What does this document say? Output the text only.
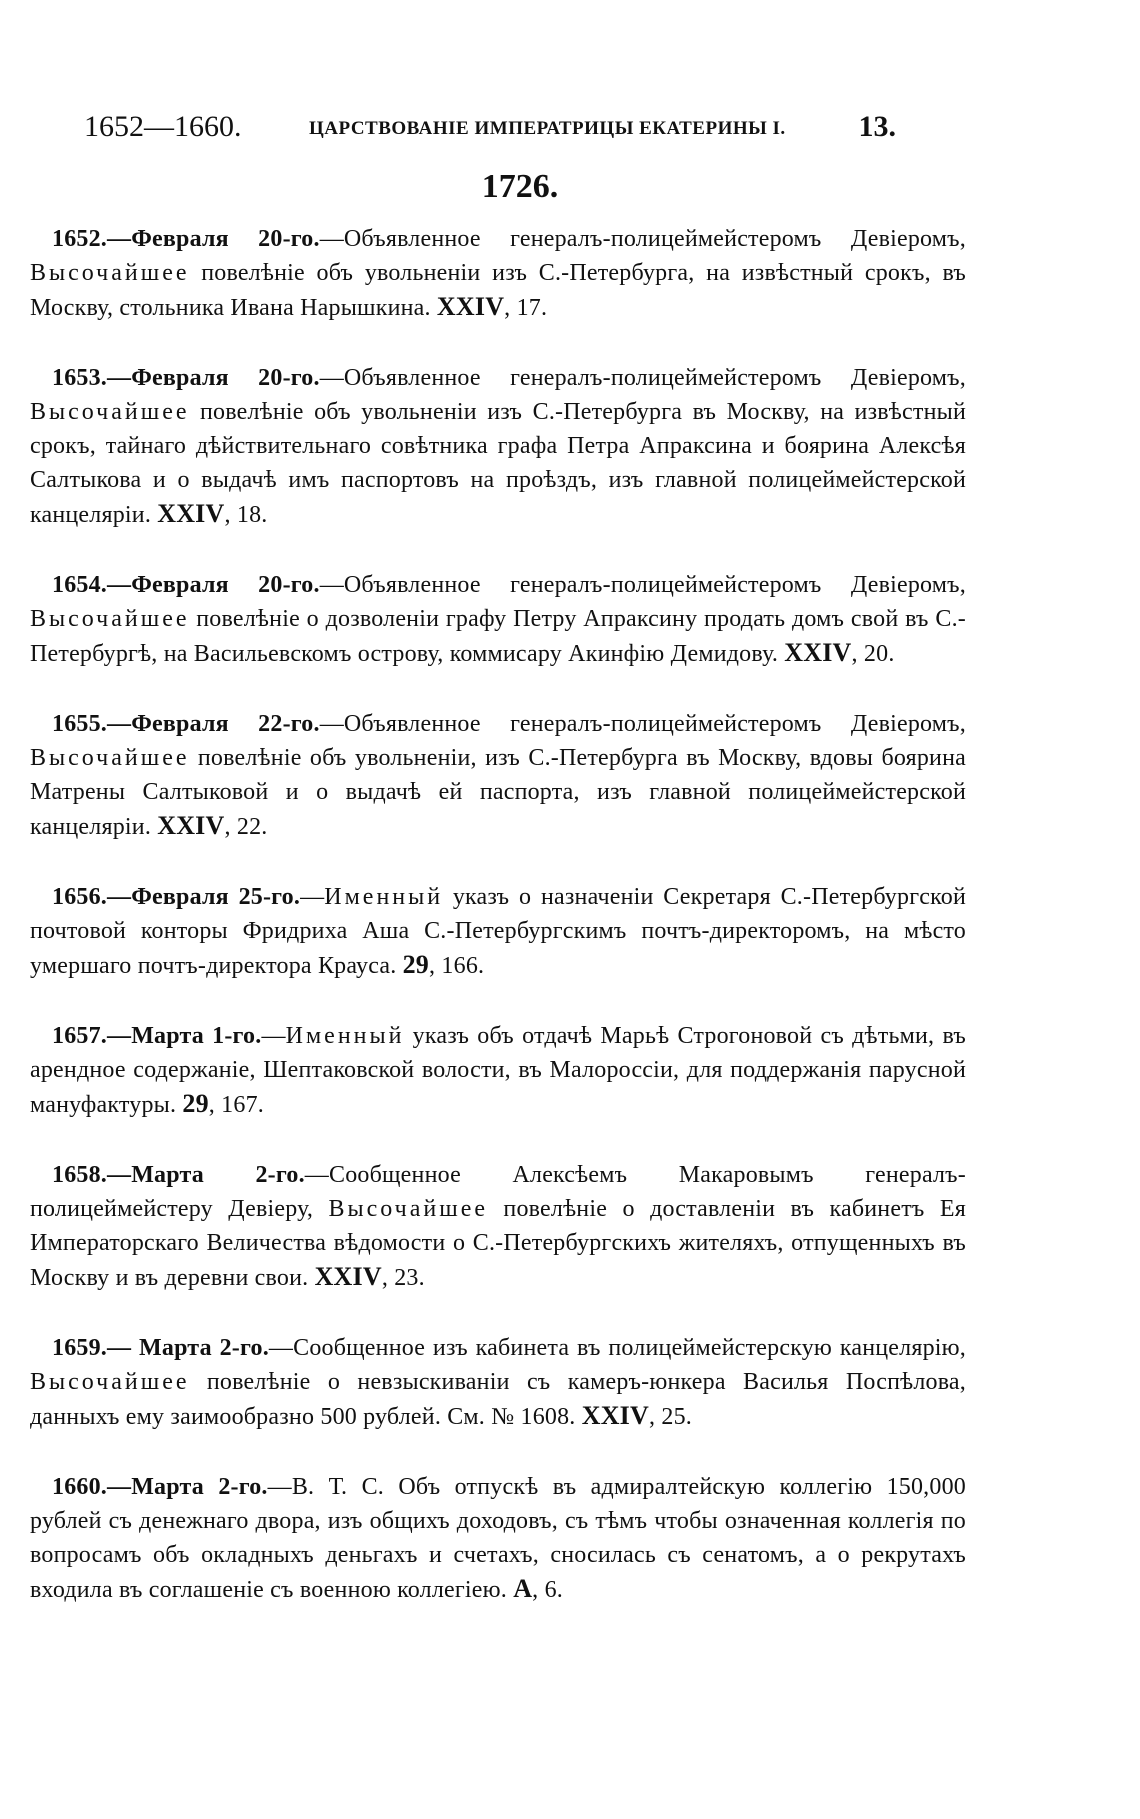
1652—1660.	ЦАРСТВОВАНІЕ ИМПЕРАТРИЦЫ ЕКАТЕРИНЫ I. 13.
1726.

1652.—Февраля 20-го.—Объявленное генералъ-полицеймейстеромъ Девіеромъ, Высочайшее повелѣніе объ увольненіи изъ С.-Петербурга, на извѣстный срокъ, въ Москву, стольника Ивана Нарышкина. XXIV, 17.

1653.—Февраля 20-го.—Объявленное генералъ-полицеймейстеромъ Девіеромъ, Высочайшее повелѣніе объ увольненіи изъ С.-Петербурга въ Москву, на извѣстный срокъ, тайнаго дѣйствительнаго совѣтника графа Петра Апраксина и боярина Алексѣя Салтыкова и о выдачѣ имъ паспортовъ на проѣздъ, изъ главной полицеймейстерской канцеляріи. XXIV, 18.

1654.—Февраля 20-го.—Объявленное генералъ-полицеймейстеромъ Девіеромъ, Высочайшее повелѣніе о дозволеніи графу Петру Апраксину продать домъ свой въ С.-Петербургѣ, на Васильевскомъ острову, коммисару Акинфію Демидову. XXIV, 20.

1655.—Февраля 22-го.—Объявленное генералъ-полицеймейстеромъ Девіеромъ, Высочайшее повелѣніе объ увольненіи, изъ С.-Петербурга въ Москву, вдовы боярина Матрены Салтыковой и о выдачѣ ей паспорта, изъ главной полицеймейстерской канцеляріи. XXIV, 22.

1656.—Февраля 25-го.—Именный указъ о назначеніи Секретаря С.-Петербургской почтовой конторы Фридриха Аша С.-Петербургскимъ почтъ-директоромъ, на мѣсто умершаго почтъ-директора Крауса. 29, 166.

1657.—Марта 1-го.—Именный указъ объ отдачѣ Марьѣ Строгоновой съ дѣтьми, въ арендное содержаніе, Шептаковской волости, въ Малороссіи, для поддержанія парусной мануфактуры. 29, 167.

1658.—Марта 2-го.—Сообщенное Алексѣемъ Макаровымъ генералъ-полицеймейстеру Девіеру, Высочайшее повелѣніе о доставленіи въ кабинетъ Ея Императорскаго Величества вѣдомости о С.-Петербургскихъ жителяхъ, отпущенныхъ въ Москву и въ деревни свои. XXIV, 23.

1659.— Марта 2-го.—Сообщенное изъ кабинета въ полицеймейстерскую канцелярію, Высочайшее повелѣніе о невзыскиваніи съ камеръ-юнкера Василья Поспѣлова, данныхъ ему заимообразно 500 рублей. См. № 1608. XXIV, 25.

1660.—Марта 2-го.—В. Т. С. Объ отпускѣ въ адмиралтейскую коллегію 150,000 рублей съ денежнаго двора, изъ общихъ доходовъ, съ тѣмъ чтобы означенная коллегія по вопросамъ объ окладныхъ деньгахъ и счетахъ, сносилась съ сенатомъ, а о рекрутахъ входила въ соглашеніе съ военною коллегіею. A, 6.
